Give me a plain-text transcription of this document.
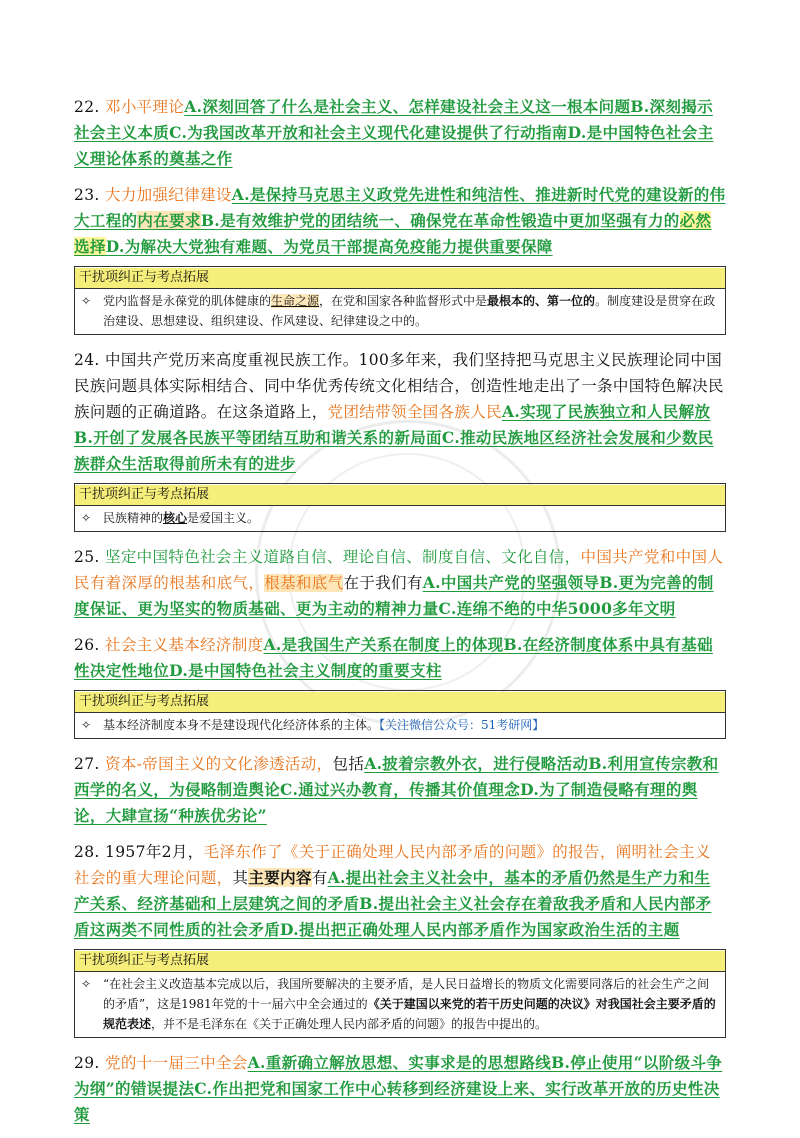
22. 邓小平理论A.深刻回答了什么是社会主义、怎样建设社会主义这一根本问题B.深刻揭示社会主义本质C.为我国改革开放和社会主义现代化建设提供了行动指南D.是中国特色社会主义理论体系的奠基之作
23. 大力加强纪律建设A.是保持马克思主义政党先进性和纯洁性、推进新时代党的建设新的伟大工程的内在要求B.是有效维护党的团结统一、确保党在革命性锻造中更加坚强有力的必然选择D.为解决大党独有难题、为党员干部提高免疫能力提供重要保障
干扰项纠正与考点拓展
✧ 党内监督是永葆党的肌体健康的生命之源，在党和国家各种监督形式中是最根本的、第一位的。制度建设是贯穿在政治建设、思想建设、组织建设、作风建设、纪律建设之中的。
24. 中国共产党历来高度重视民族工作。100多年来，我们坚持把马克思主义民族理论同中国民族问题具体实际相结合、同中华优秀传统文化相结合，创造性地走出了一条中国特色解决民族问题的正确道路。在这条道路上，党团结带领全国各族人民A.实现了民族独立和人民解放B.开创了发展各民族平等团结互助和谐关系的新局面C.推动民族地区经济社会发展和少数民族群众生活取得前所未有的进步
干扰项纠正与考点拓展
✧ 民族精神的核心是爱国主义。
25. 坚定中国特色社会主义道路自信、理论自信、制度自信、文化自信，中国共产党和中国人民有着深厚的根基和底气，根基和底气在于我们有A.中国共产党的坚强领导B.更为完善的制度保证、更为坚实的物质基础、更为主动的精神力量C.连绵不绝的中华5000多年文明
26. 社会主义基本经济制度A.是我国生产关系在制度上的体现B.在经济制度体系中具有基础性决定性地位D.是中国特色社会主义制度的重要支柱
干扰项纠正与考点拓展
✧ 基本经济制度本身不是建设现代化经济体系的主体。【关注微信公众号：51考研网】
27. 资本-帝国主义的文化渗透活动，包括A.披着宗教外衣，进行侵略活动B.利用宣传宗教和西学的名义，为侵略制造舆论C.通过兴办教育，传播其价值理念D.为了制造侵略有理的舆论，大肆宣扬“种族优劣论”
28. 1957年2月，毛泽东作了《关于正确处理人民内部矛盾的问题》的报告，阐明社会主义社会的重大理论问题，其主要内容有A.提出社会主义社会中，基本的矛盾仍然是生产力和生产关系、经济基础和上层建筑之间的矛盾B.提出社会主义社会存在着敌我矛盾和人民内部矛盾这两类不同性质的社会矛盾D.提出把正确处理人民内部矛盾作为国家政治生活的主题
干扰项纠正与考点拓展
✧ “在社会主义改造基本完成以后，我国所要解决的主要矛盾，是人民日益增长的物质文化需要同落后的社会生产之间的矛盾”，这是1981年党的十一届六中全会通过的《关于建国以来党的若干历史问题的决议》对我国社会主要矛盾的规范表述，并不是毛泽东在《关于正确处理人民内部矛盾的问题》的报告中提出的。
29. 党的十一届三中全会A.重新确立解放思想、实事求是的思想路线B.停止使用“以阶级斗争为纲”的错误提法C.作出把党和国家工作中心转移到经济建设上来、实行改革开放的历史性决策
